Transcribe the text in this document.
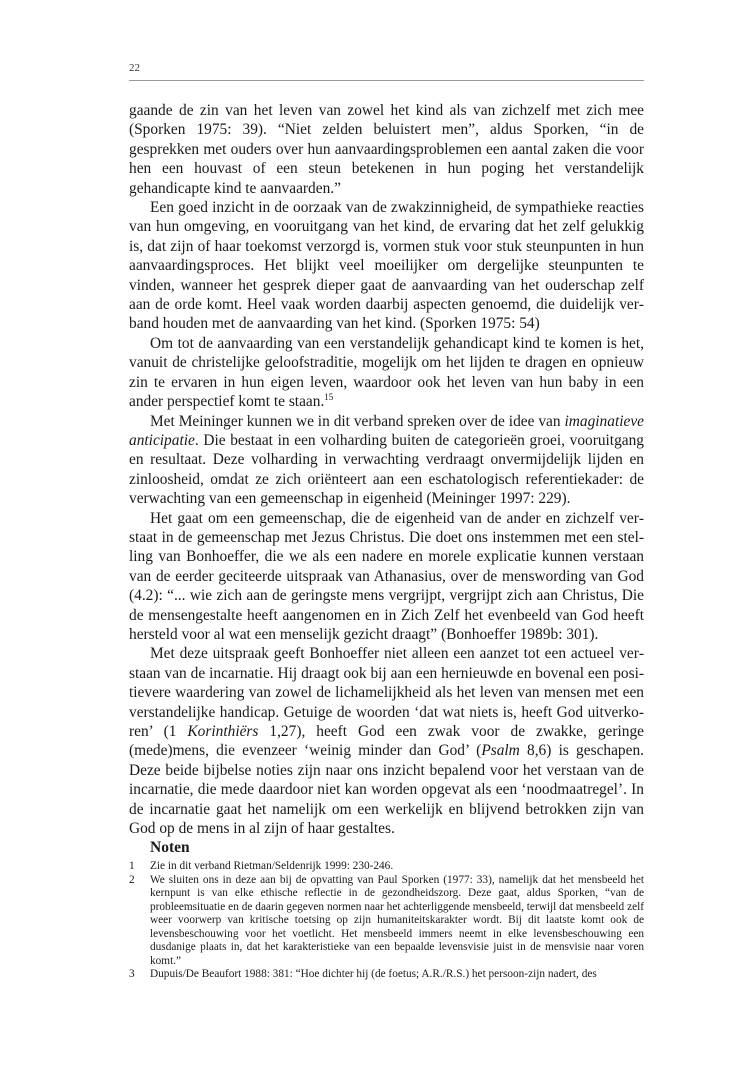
22

gaande de zin van het leven van zowel het kind als van zichzelf met zich mee (Sporken 1975: 39). “Niet zelden beluistert men”, aldus Sporken, “in de gesprekken met ouders over hun aanvaardingsproblemen een aantal zaken die voor hen een houvast of een steun betekenen in hun poging het verstandelijk gehandicapte kind te aanvaarden.”

Een goed inzicht in de oorzaak van de zwakzinnigheid, de sympathieke reacties van hun omgeving, en vooruitgang van het kind, de ervaring dat het zelf gelukkig is, dat zijn of haar toekomst verzorgd is, vormen stuk voor stuk steunpunten in hun aanvaardingsproces. Het blijkt veel moeilijker om dergelijke steunpunten te vinden, wanneer het gesprek dieper gaat de aanvaarding van het ouderschap zelf aan de orde komt. Heel vaak worden daarbij aspecten genoemd, die duidelijk verband houden met de aanvaarding van het kind. (Sporken 1975: 54)

Om tot de aanvaarding van een verstandelijk gehandicapt kind te komen is het, vanuit de christelijke geloofstraditie, mogelijk om het lijden te dragen en opnieuw zin te ervaren in hun eigen leven, waardoor ook het leven van hun baby in een ander perspectief komt te staan.$^{15}$

Met Meininger kunnen we in dit verband spreken over de idee van imaginatieve anticipatie. Die bestaat in een volharding buiten de categorieën groei, vooruitgang en resultaat. Deze volharding in verwachting verdraagt onvermijdelijk lijden en zinloosheid, omdat ze zich oriënteert aan een eschatologisch referentiekader: de verwachting van een gemeenschap in eigenheid (Meininger 1997: 229).

Het gaat om een gemeenschap, die de eigenheid van de ander en zichzelf verstaat in de gemeenschap met Jezus Christus. Die doet ons instemmen met een stelling van Bonhoeffer, die we als een nadere en morele explicatie kunnen verstaan van de eerder geciteerde uitspraak van Athanasius, over de menswording van God (4.2): “... wie zich aan de geringste mens vergrijpt, vergrijpt zich aan Christus, Die de mensengestalte heeft aangenomen en in Zich Zelf het evenbeeld van God heeft hersteld voor al wat een menselijk gezicht draagt” (Bonhoeffer 1989b: 301).

Met deze uitspraak geeft Bonhoeffer niet alleen een aanzet tot een actueel verstaan van de incarnatie. Hij draagt ook bij aan een hernieuwde en bovenal een positievere waardering van zowel de lichamelijkheid als het leven van mensen met een verstandelijke handicap. Getuige de woorden ‘dat wat niets is, heeft God uitverkoren’ (1 Korinthiërs 1,27), heeft God een zwak voor de zwakke, geringe (mede)mens, die evenzeer ‘weinig minder dan God’ (Psalm 8,6) is geschapen. Deze beide bijbelse noties zijn naar ons inzicht bepalend voor het verstaan van de incarnatie, die mede daardoor niet kan worden opgevat als een ‘noodmaatregel’. In de incarnatie gaat het namelijk om een werkelijk en blijvend betrokken zijn van God op de mens in al zijn of haar gestaltes.

Noten
1	Zie in dit verband Rietman/Seldenrijk 1999: 230-246.
2	We sluiten ons in deze aan bij de opvatting van Paul Sporken (1977: 33), namelijk dat het mensbeeld het kernpunt is van elke ethische reflectie in de gezondheidszorg. Deze gaat, aldus Sporken, “van de probleemsituatie en de daarin gegeven normen naar het achterliggende mensbeeld, terwijl dat mensbeeld zelf weer voorwerp van kritische toetsing op zijn humaniteitskarakter wordt. Bij dit laatste komt ook de levensbeschouwing voor het voetlicht. Het mensbeeld immers neemt in elke levensbeschouwing een dusdanige plaats in, dat het karakteristieke van een bepaalde levensvisie juist in de mensvisie naar voren komt.”
3	Dupuis/De Beaufort 1988: 381: “Hoe dichter hij (de foetus; A.R./R.S.) het persoon-zijn nadert, des
